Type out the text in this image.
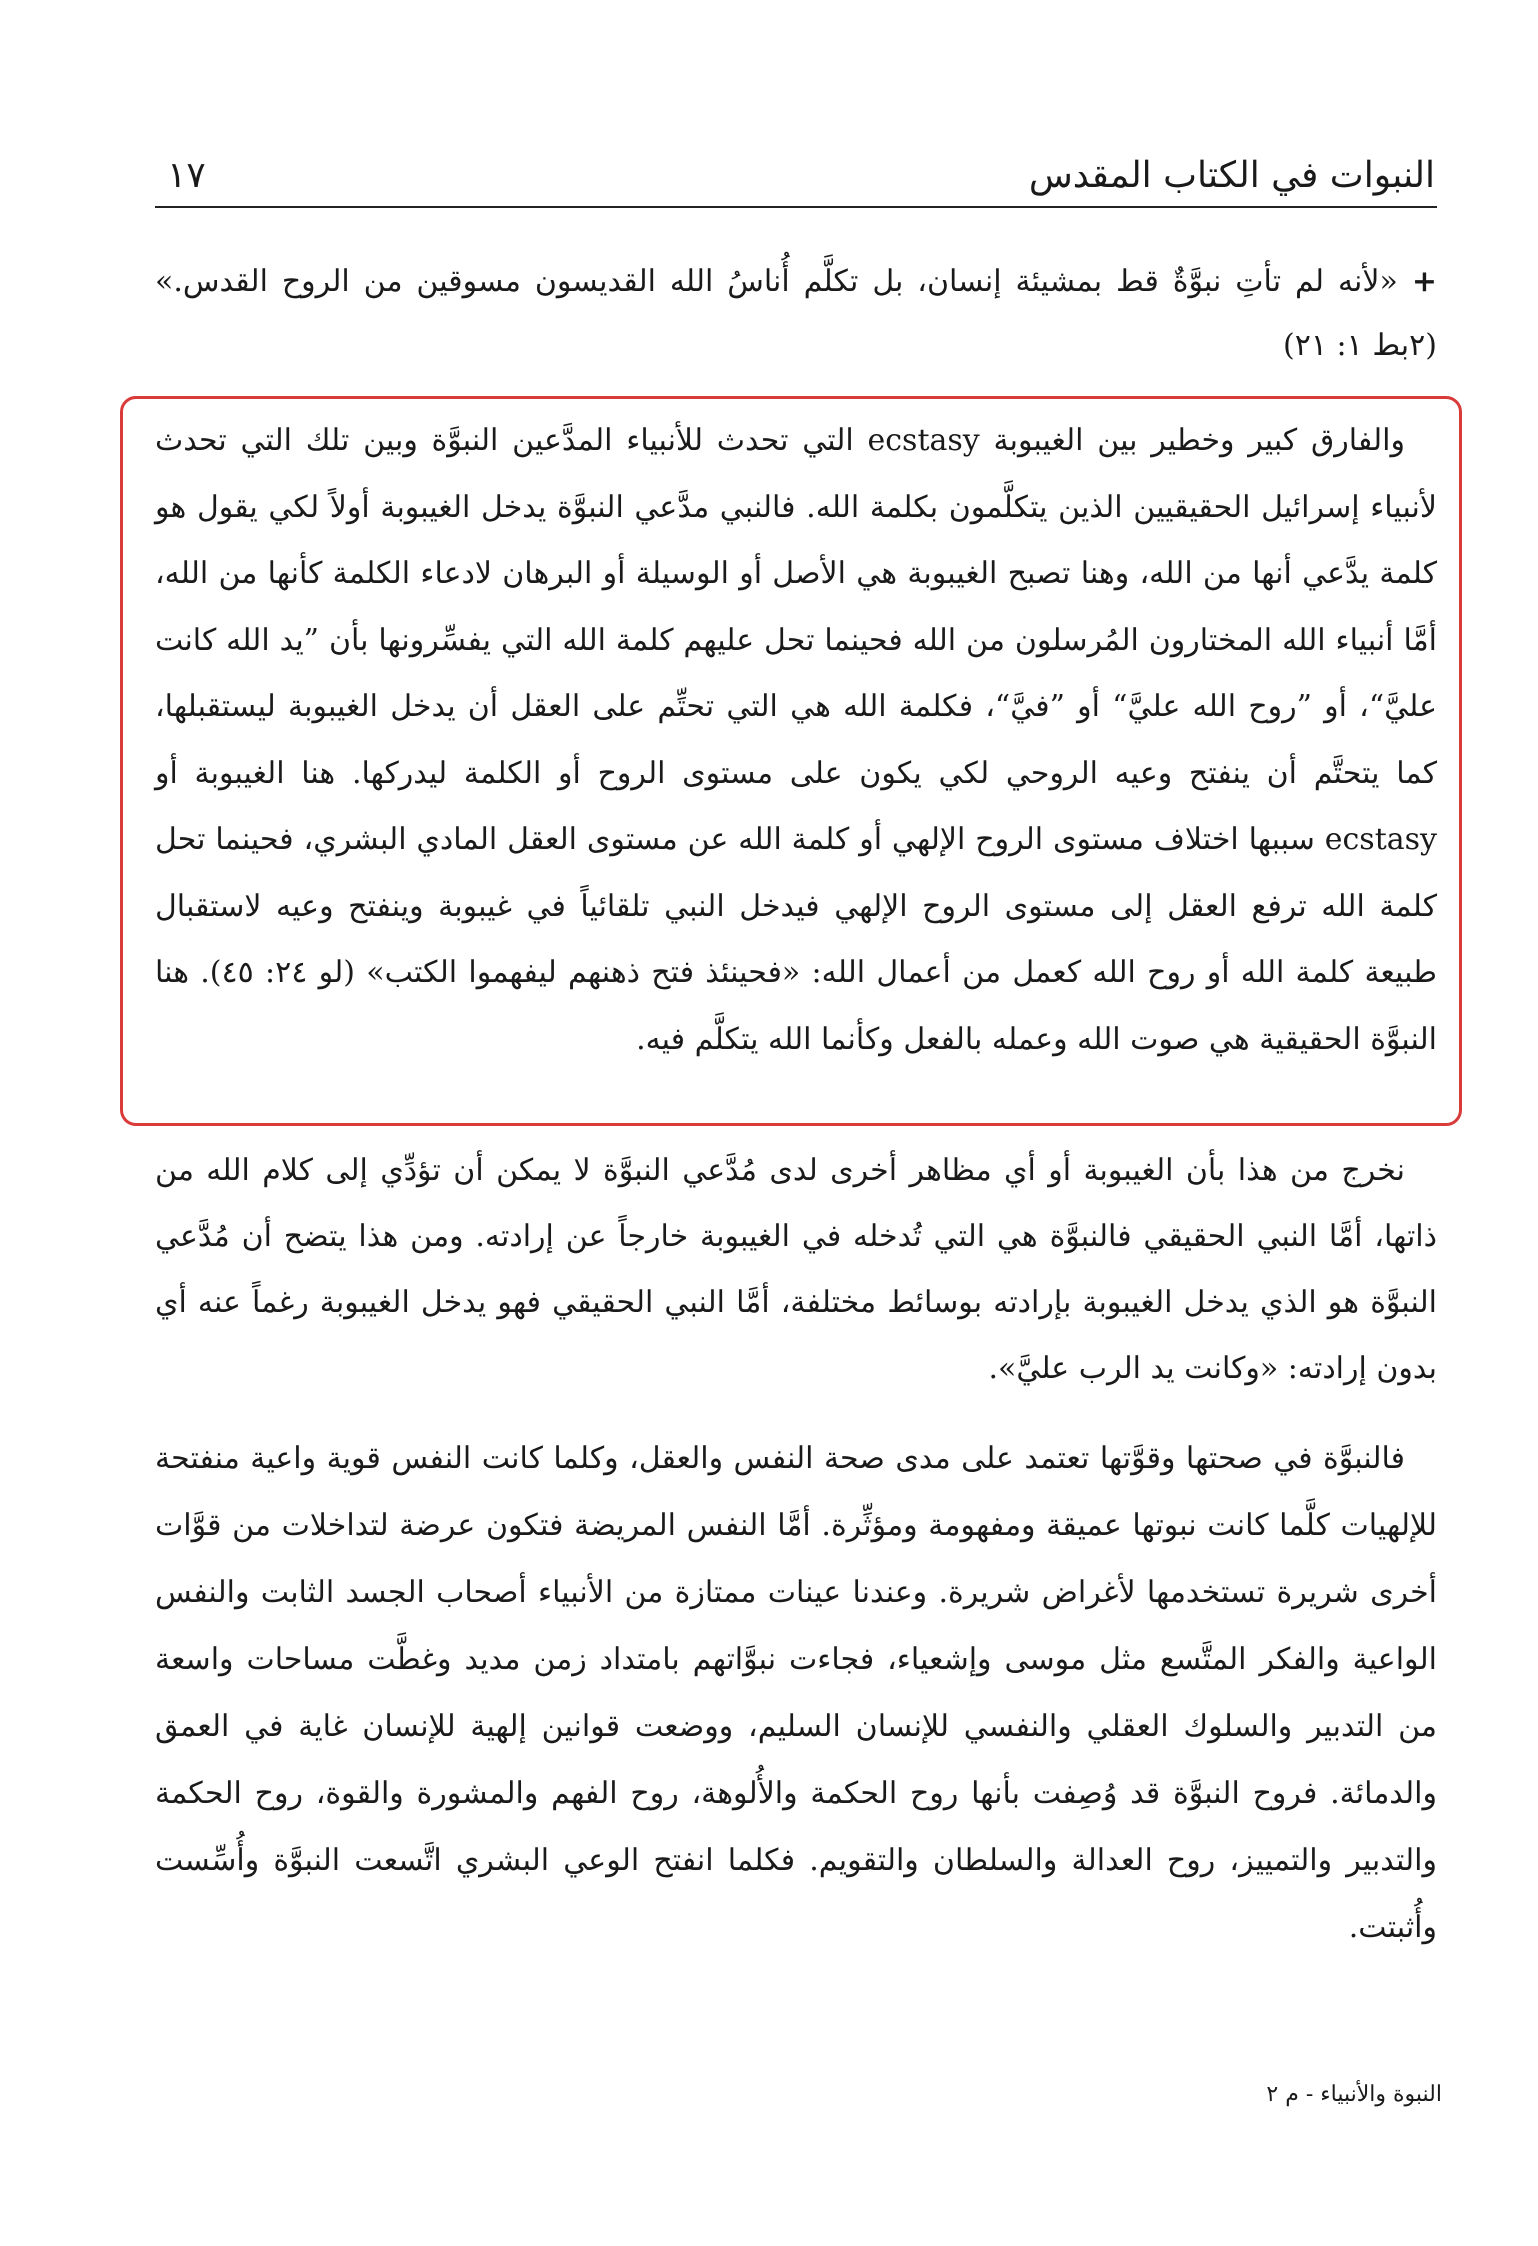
النبوات في الكتاب المقدس
١٧
+«لأنه لم تأتِ نبوَّةٌ قط بمشيئة إنسان، بل تكلَّم أُناسُ الله القديسون مسوقين من الروح القدس.» (٢بط ١: ٢١)

والفارق كبير وخطير بين الغيبوبة ecstasy التي تحدث للأنبياء المدَّعين النبوَّة وبين تلك التي تحدث لأنبياء إسرائيل الحقيقيين الذين يتكلَّمون بكلمة الله. فالنبي مدَّعي النبوَّة يدخل الغيبوبة أولاً لكي يقول هو كلمة يدَّعي أنها من الله، وهنا تصبح الغيبوبة هي الأصل أو الوسيلة أو البرهان لادعاء الكلمة كأنها من الله، أمَّا أنبياء الله المختارون المُرسلون من الله فحينما تحل عليهم كلمة الله التي يفسِّرونها بأن ”يد الله كانت عليَّ“، أو ”روح الله عليَّ“ أو ”فيَّ“، فكلمة الله هي التي تحتِّم على العقل أن يدخل الغيبوبة ليستقبلها، كما يتحتَّم أن ينفتح وعيه الروحي لكي يكون على مستوى الروح أو الكلمة ليدركها. هنا الغيبوبة أو ecstasy سببها اختلاف مستوى الروح الإلهي أو كلمة الله عن مستوى العقل المادي البشري، فحينما تحل كلمة الله ترفع العقل إلى مستوى الروح الإلهي فيدخل النبي تلقائياً في غيبوبة وينفتح وعيه لاستقبال طبيعة كلمة الله أو روح الله كعمل من أعمال الله: «فحينئذ فتح ذهنهم ليفهموا الكتب» (لو ٢٤: ٤٥). هنا النبوَّة الحقيقية هي صوت الله وعمله بالفعل وكأنما الله يتكلَّم فيه.

نخرج من هذا بأن الغيبوبة أو أي مظاهر أخرى لدى مُدَّعي النبوَّة لا يمكن أن تؤدِّي إلى كلام الله من ذاتها، أمَّا النبي الحقيقي فالنبوَّة هي التي تُدخله في الغيبوبة خارجاً عن إرادته. ومن هذا يتضح أن مُدَّعي النبوَّة هو الذي يدخل الغيبوبة بإرادته بوسائط مختلفة، أمَّا النبي الحقيقي فهو يدخل الغيبوبة رغماً عنه أي بدون إرادته: «وكانت يد الرب عليَّ».

فالنبوَّة في صحتها وقوَّتها تعتمد على مدى صحة النفس والعقل، وكلما كانت النفس قوية واعية منفتحة للإلهيات كلَّما كانت نبوتها عميقة ومفهومة ومؤثِّرة. أمَّا النفس المريضة فتكون عرضة لتداخلات من قوَّات أخرى شريرة تستخدمها لأغراض شريرة. وعندنا عينات ممتازة من الأنبياء أصحاب الجسد الثابت والنفس الواعية والفكر المتَّسع مثل موسى وإشعياء، فجاءت نبوَّاتهم بامتداد زمن مديد وغطَّت مساحات واسعة من التدبير والسلوك العقلي والنفسي للإنسان السليم، ووضعت قوانين إلهية للإنسان غاية في العمق والدمائة. فروح النبوَّة قد وُصِفت بأنها روح الحكمة والأُلوهة، روح الفهم والمشورة والقوة، روح الحكمة والتدبير والتمييز، روح العدالة والسلطان والتقويم. فكلما انفتح الوعي البشري اتَّسعت النبوَّة وأُسِّست وأُثبتت.

النبوة والأنبياء - م ٢
